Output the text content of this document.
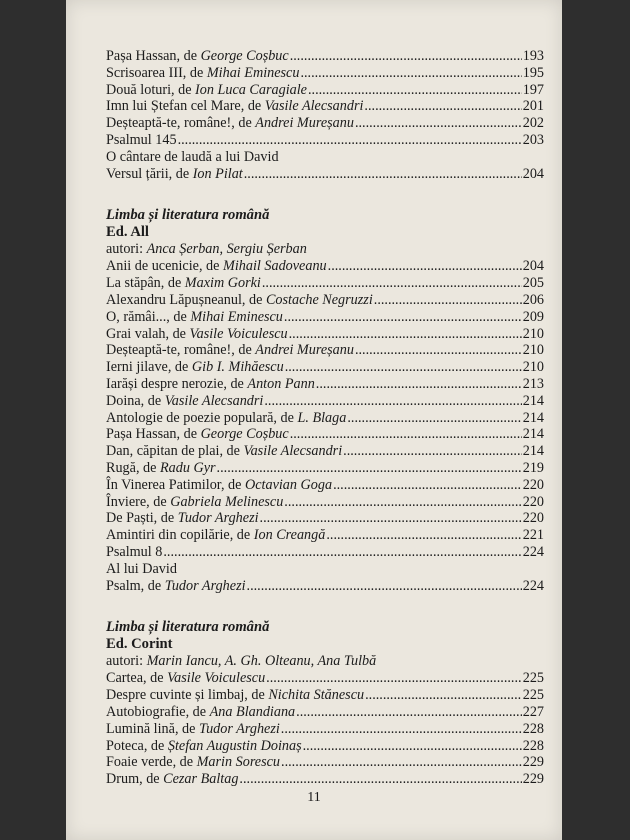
Pașa Hassan, de George Coșbuc .....	193
Scrisoarea III, de Mihai Eminescu .....	195
Două loturi, de Ion Luca Caragiale .....	197
Imn lui Ștefan cel Mare, de Vasile Alecsandri .....	201
Deșteaptă-te, române!, de Andrei Mureșanu .....	202
Psalmul 145 .....	203
O cântare de laudă a lui David
Versul țării, de Ion Pilat .....	204
Limba și literatura română
Ed. All
autori: Anca Șerban, Sergiu Șerban
Anii de ucenicie, de Mihail Sadoveanu .....	204
La stăpân, de Maxim Gorki .....	205
Alexandru Lăpușneanul, de Costache Negruzzi .....	206
O, rămâi..., de Mihai Eminescu .....	209
Grai valah, de Vasile Voiculescu .....	210
Deșteaptă-te, române!, de Andrei Mureșanu .....	210
Ierni jilave, de Gib I. Mihăescu .....	210
Iarăși despre nerozie, de Anton Pann .....	213
Doina, de Vasile Alecsandri .....	214
Antologie de poezie populară, de L. Blaga .....	214
Pașa Hassan, de George Coșbuc .....	214
Dan, căpitan de plai, de Vasile Alecsandri .....	214
Rugă, de Radu Gyr .....	219
În Vinerea Patimilor, de Octavian Goga .....	220
Înviere, de Gabriela Melinescu .....	220
De Paști, de Tudor Arghezi .....	220
Amintiri din copilărie, de Ion Creangă .....	221
Psalmul 8 .....	224
Al lui David
Psalm, de Tudor Arghezi .....	224
Limba și literatura română
Ed. Corint
autori: Marin Iancu, A. Gh. Olteanu, Ana Tulbă
Cartea, de Vasile Voiculescu .....	225
Despre cuvinte și limbaj, de Nichita Stănescu .....	225
Autobiografie, de Ana Blandiana .....	227
Lumină lină, de Tudor Arghezi .....	228
Poteca, de Ștefan Augustin Doinaș .....	228
Foaie verde, de Marin Sorescu .....	229
Drum, de Cezar Baltag .....	229
11
